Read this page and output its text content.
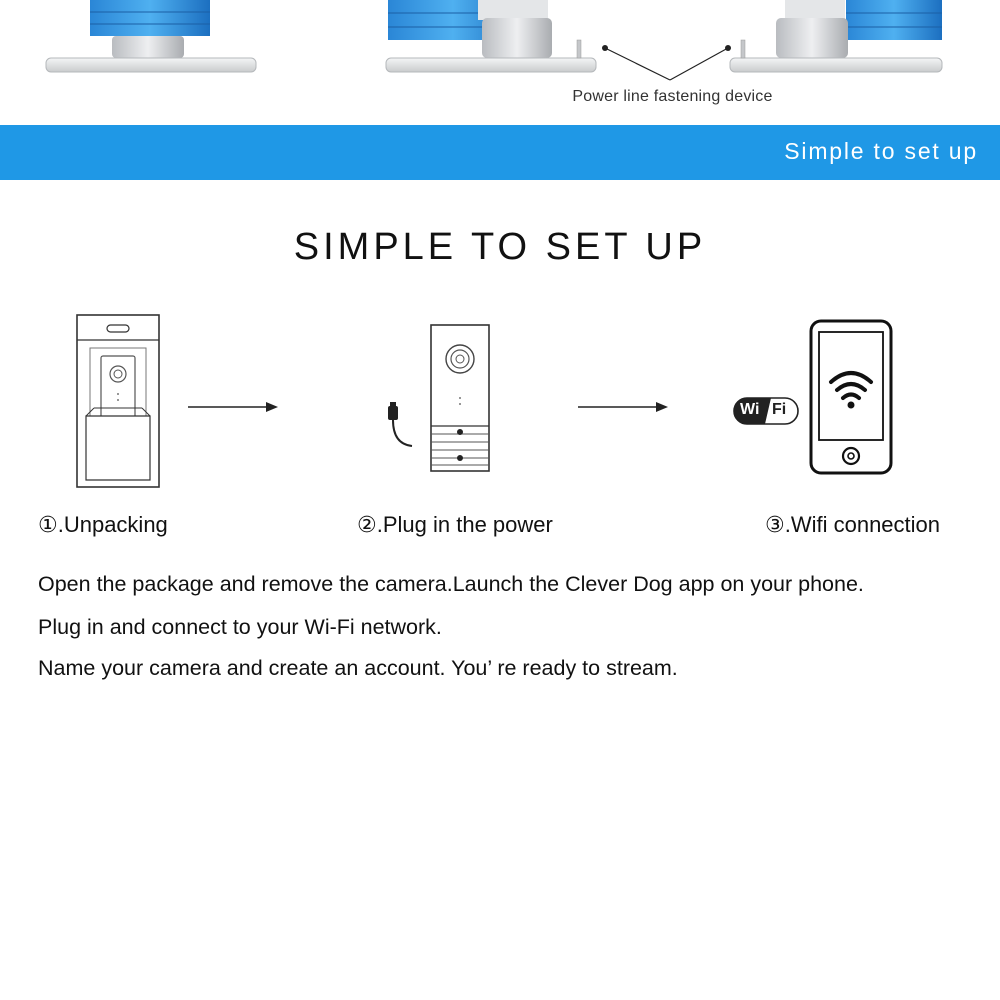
Power line fastening device
Simple to set up
SIMPLE TO SET UP
Wi Fi
①.Unpacking	②.Plug in the power	③.Wifi connection
Open the package and remove the camera.Launch the Clever Dog app on your phone.
Plug in and connect to your Wi-Fi network.
Name your camera and create an account. You’ re ready to stream.
